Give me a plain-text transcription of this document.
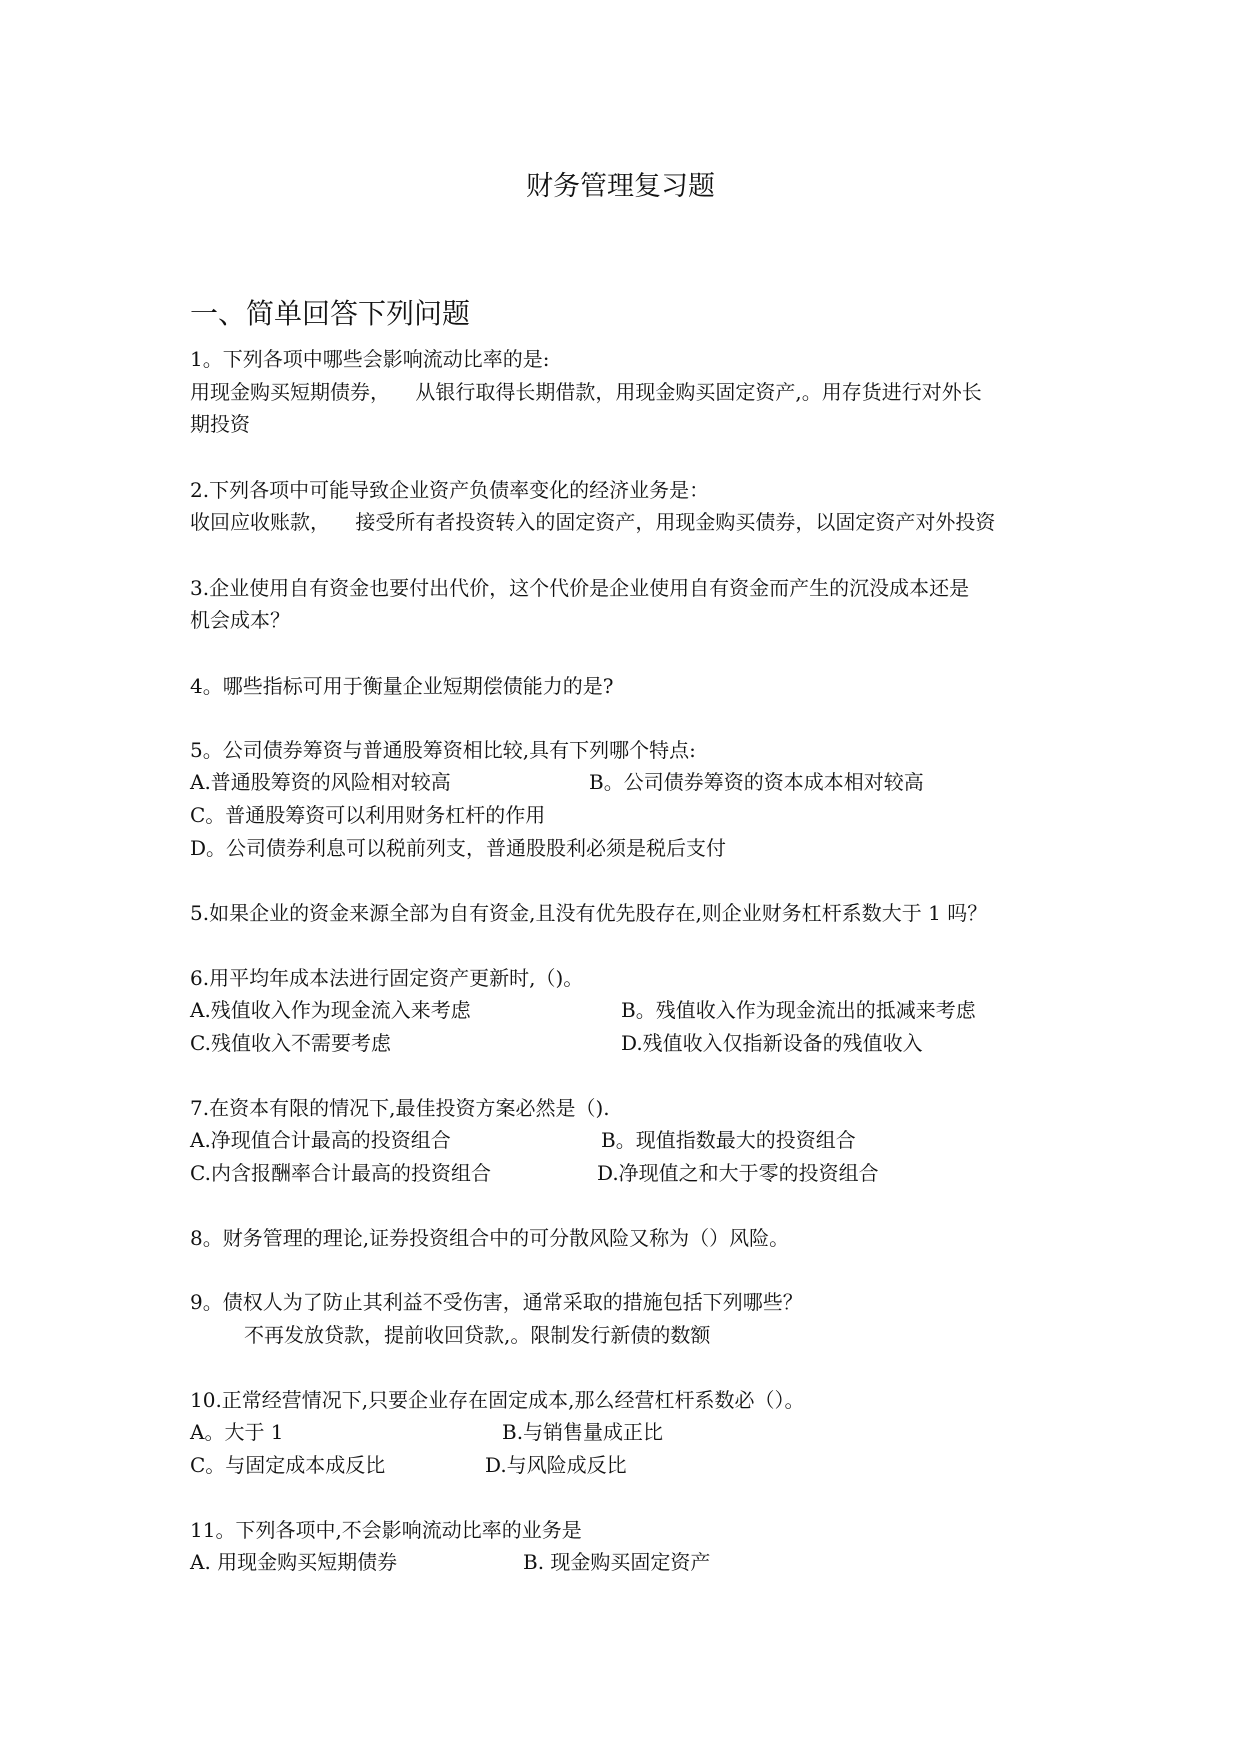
财务管理复习题
一、简单回答下列问题
1。下列各项中哪些会影响流动比率的是:
用现金购买短期债券，    从银行取得长期借款，用现金购买固定资产,。用存货进行对外长
期投资
2.下列各项中可能导致企业资产负债率变化的经济业务是：
收回应收账款，    接受所有者投资转入的固定资产，用现金购买债券，以固定资产对外投资
3.企业使用自有资金也要付出代价，这个代价是企业使用自有资金而产生的沉没成本还是
机会成本？
4。哪些指标可用于衡量企业短期偿债能力的是?
5。公司债券筹资与普通股筹资相比较,具有下列哪个特点:
A.普通股筹资的风险相对较高	B。公司债券筹资的资本成本相对较高
C。普通股筹资可以利用财务杠杆的作用
D。公司债券利息可以税前列支，普通股股利必须是税后支付
5.如果企业的资金来源全部为自有资金,且没有优先股存在,则企业财务杠杆系数大于 1 吗？
6.用平均年成本法进行固定资产更新时,（)。
A.残值收入作为现金流入来考虑	B。残值收入作为现金流出的抵减来考虑
C.残值收入不需要考虑	D.残值收入仅指新设备的残值收入
7.在资本有限的情况下,最佳投资方案必然是（).
A.净现值合计最高的投资组合	B。现值指数最大的投资组合
C.内含报酬率合计最高的投资组合	D.净现值之和大于零的投资组合
8。财务管理的理论,证券投资组合中的可分散风险又称为（）风险。
9。债权人为了防止其利益不受伤害，通常采取的措施包括下列哪些？
不再发放贷款，提前收回贷款,。限制发行新债的数额
10.正常经营情况下,只要企业存在固定成本,那么经营杠杆系数必（）。
A。大于 1	B.与销售量成正比
C。与固定成本成反比	D.与风险成反比
11。下列各项中,不会影响流动比率的业务是
A. 用现金购买短期债券	B. 现金购买固定资产
